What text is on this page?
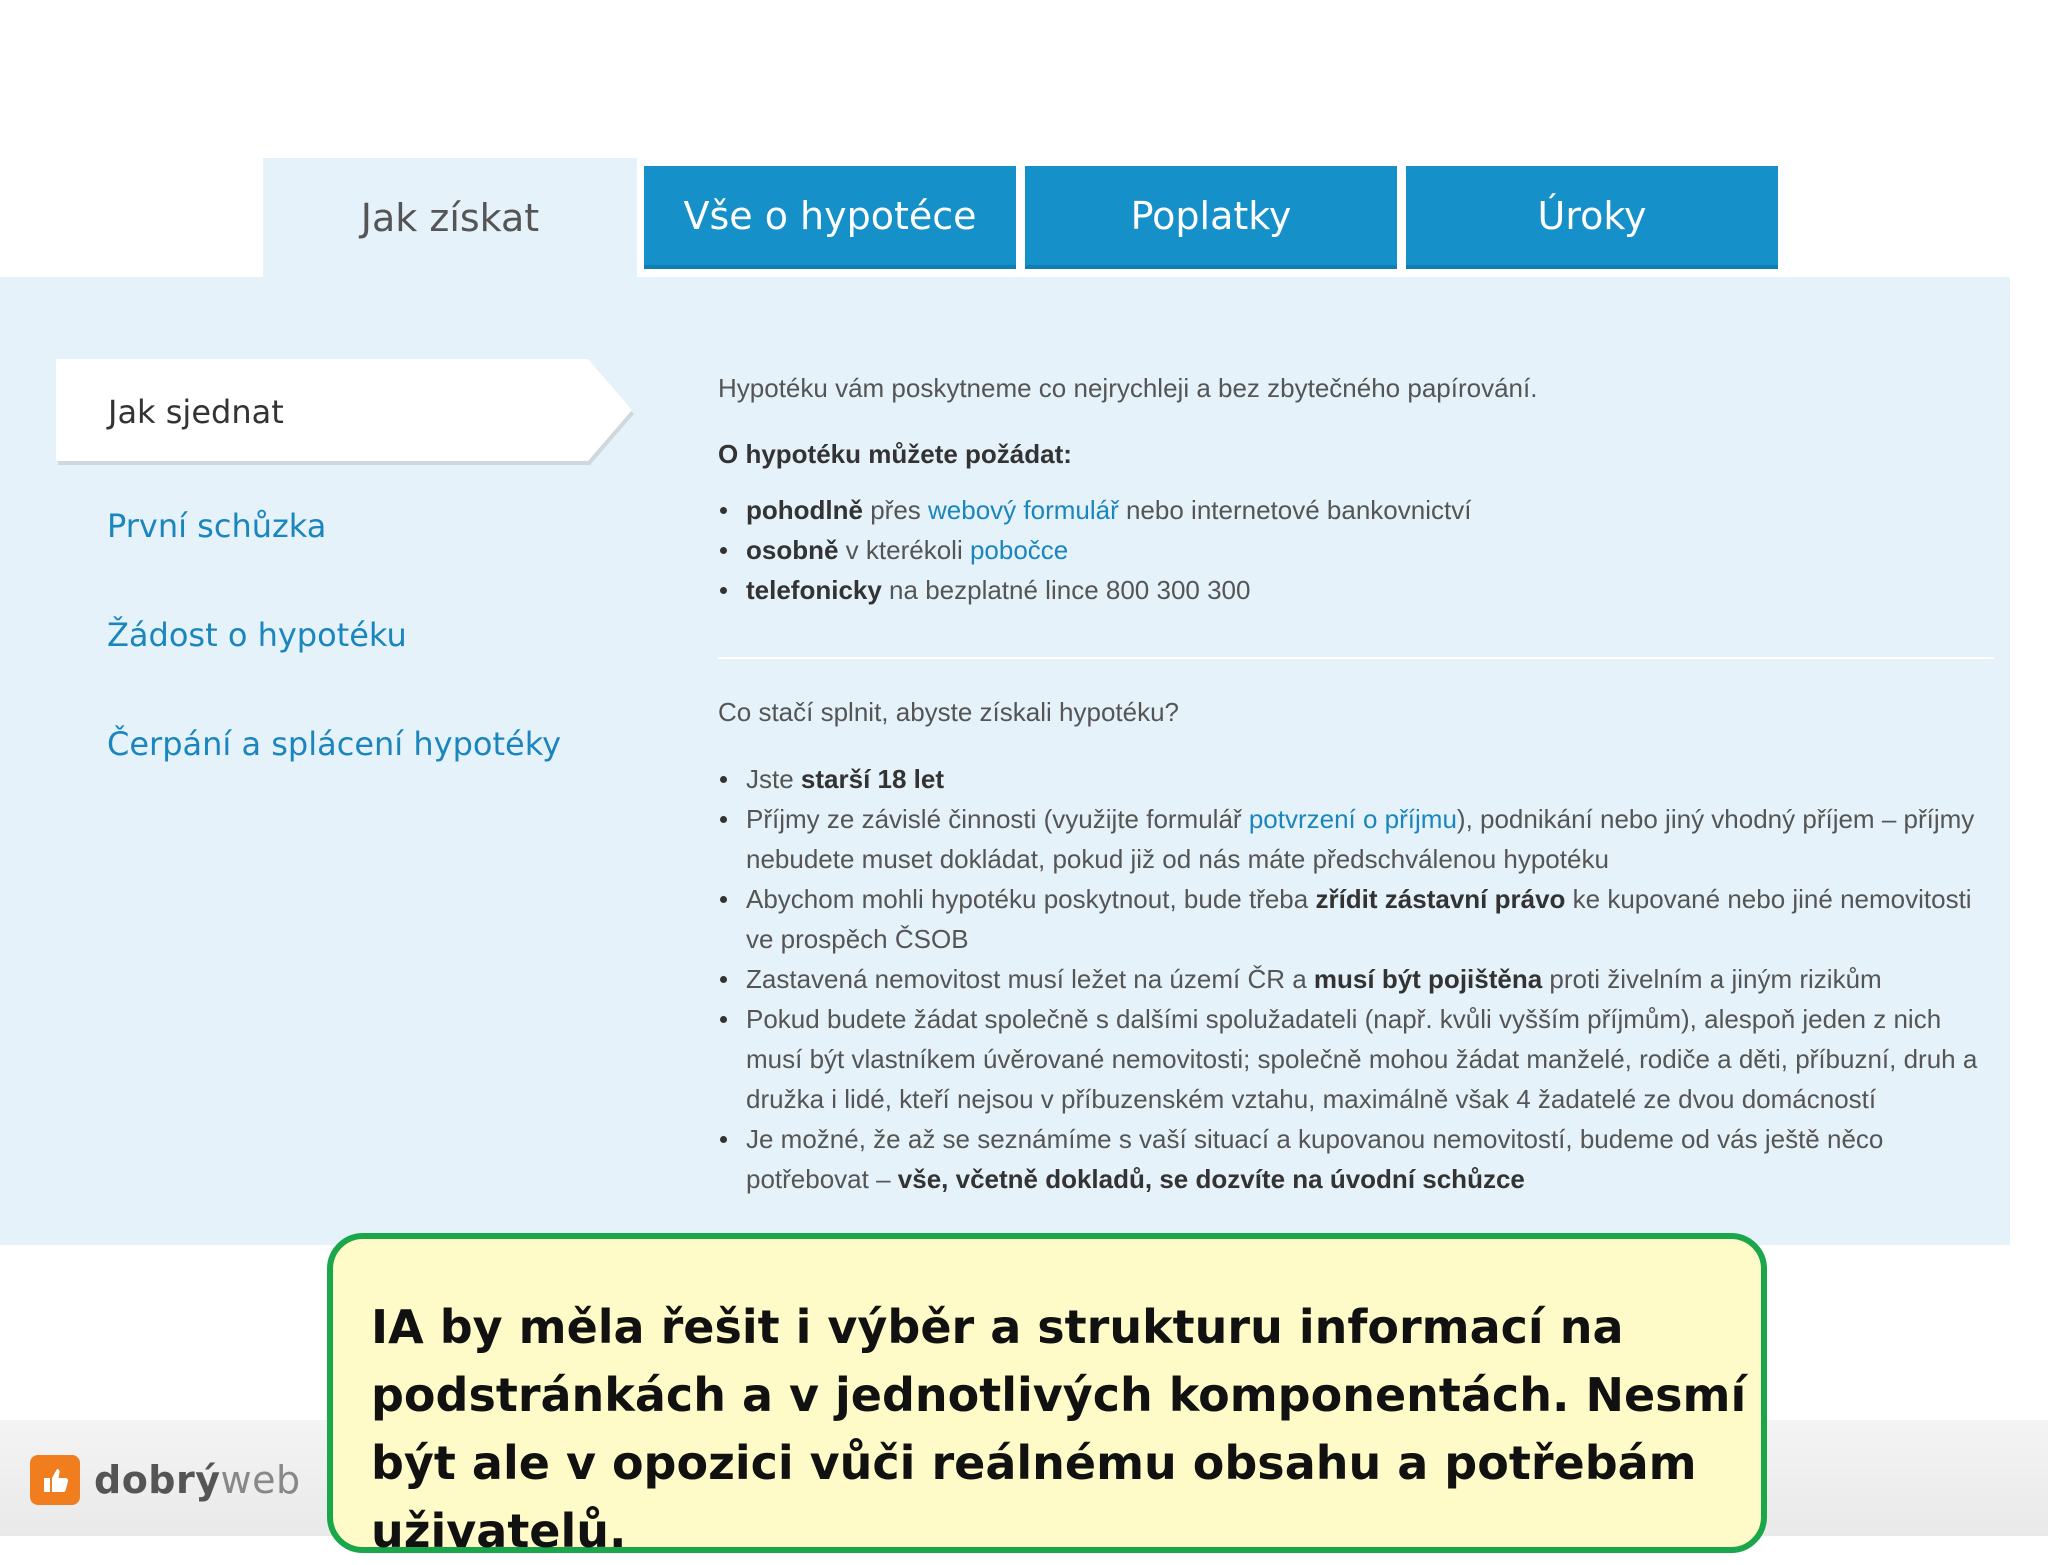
Jak získat	Vše o hypotéce	Poplatky	Úroky
Jak sjednat
První schůzka
Žádost o hypotéku
Čerpání a splácení hypotéky
Hypotéku vám poskytneme co nejrychleji a bez zbytečného papírování.
O hypotéku můžete požádat:
pohodlně přes webový formulář nebo internetové bankovnictví
osobně v kterékoli pobočce
telefonicky na bezplatné lince 800 300 300
Co stačí splnit, abyste získali hypotéku?
Jste starší 18 let
Příjmy ze závislé činnosti (využijte formulář potvrzení o příjmu), podnikání nebo jiný vhodný příjem – příjmy nebudete muset dokládat, pokud již od nás máte předschválenou hypotéku
Abychom mohli hypotéku poskytnout, bude třeba zřídit zástavní právo ke kupované nebo jiné nemovitosti ve prospěch ČSOB
Zastavená nemovitost musí ležet na území ČR a musí být pojištěna proti živelním a jiným rizikům
Pokud budete žádat společně s dalšími spolužadateli (např. kvůli vyšším příjmům), alespoň jeden z nich musí být vlastníkem úvěrované nemovitosti; společně mohou žádat manželé, rodiče a děti, příbuzní, druh a družka i lidé, kteří nejsou v příbuzenském vztahu, maximálně však 4 žadatelé ze dvou domácností
Je možné, že až se seznámíme s vaší situací a kupovanou nemovitostí, budeme od vás ještě něco potřebovat – vše, včetně dokladů, se dozvíte na úvodní schůzce
IA by měla řešit i výběr a strukturu informací na podstránkách a v jednotlivých komponentách. Nesmí být ale v opozici vůči reálnému obsahu a potřebám uživatelů.
dobrýweb
